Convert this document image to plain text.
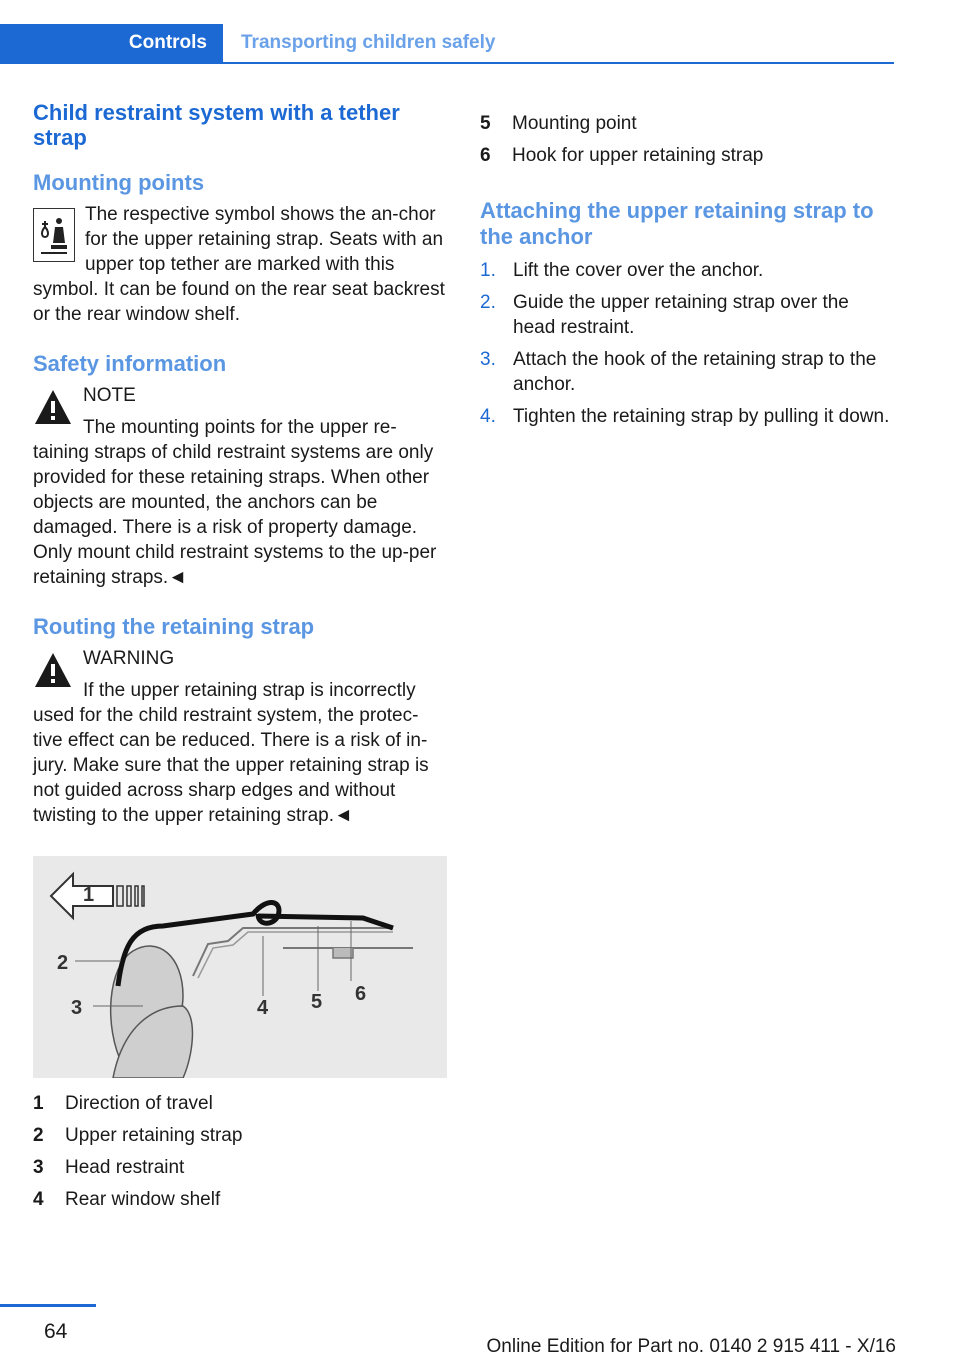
Controls Transporting children safely
Child restraint system with a tether strap
Mounting points

The respective symbol shows the an-chor for the upper retaining strap. Seats with an upper top tether are marked with this symbol. It can be found on the rear seat backrest or the rear window shelf.

Safety information

NOTE

The mounting points for the upper re-taining straps of child restraint systems are only provided for these retaining straps. When other objects are mounted, the anchors can be damaged. There is a risk of property damage. Only mount child restraint systems to the up-per retaining straps.◄

Routing the retaining strap

WARNING

If the upper retaining strap is incorrectly used for the child restraint system, the protec-tive effect can be reduced. There is a risk of in-jury. Make sure that the upper retaining strap is not guided across sharp edges and without twisting to the upper retaining strap.◄

1
2
3	4 5 6
1	Direction of travel
2	Upper retaining strap
3	Head restraint
4	Rear window shelf
5	Mounting point
6	Hook for upper retaining strap
Attaching the upper retaining strap to the anchor
1. Lift the cover over the anchor.
2. Guide the upper retaining strap over the head restraint.
3. Attach the hook of the retaining strap to the anchor.
4. Tighten the retaining strap by pulling it down.
64
Online Edition for Part no. 0140 2 915 411 - X/16
